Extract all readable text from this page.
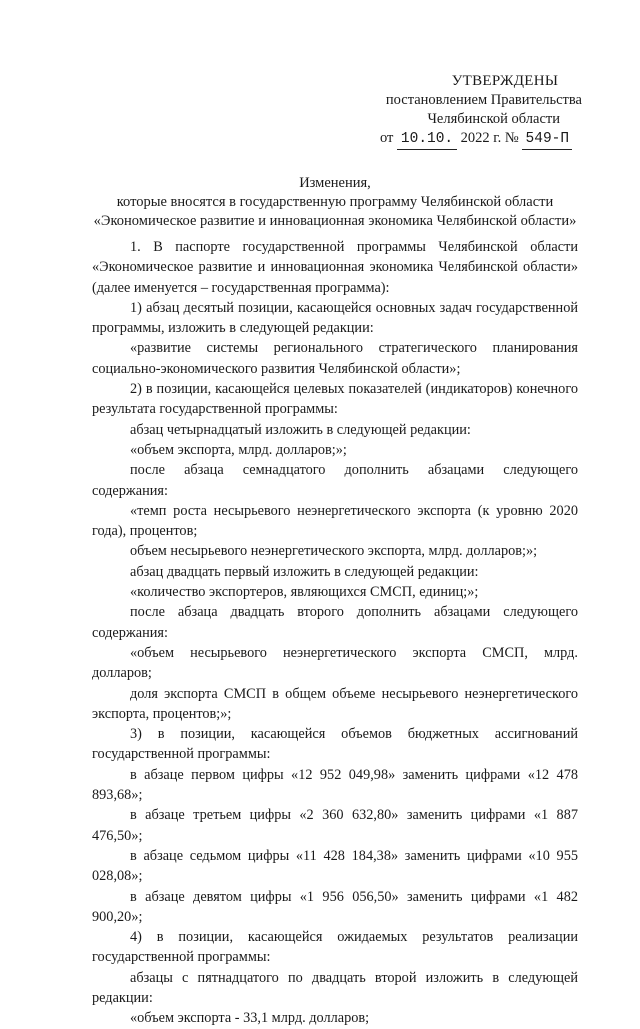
УТВЕРЖДЕНЫ
постановлением Правительства
Челябинской области
от 10.10. 2022 г. № 549-П
Изменения,
которые вносятся в государственную программу Челябинской области
«Экономическое развитие и инновационная экономика Челябинской области»

1. В паспорте государственной программы Челябинской области «Экономическое развитие и инновационная экономика Челябинской области» (далее именуется – государственная программа):

1) абзац десятый позиции, касающейся основных задач государственной программы, изложить в следующей редакции:

«развитие системы регионального стратегического планирования социально-экономического развития Челябинской области»;

2) в позиции, касающейся целевых показателей (индикаторов) конечного результата государственной программы:

абзац четырнадцатый изложить в следующей редакции:

«объем экспорта, млрд. долларов;»;

после абзаца семнадцатого дополнить абзацами следующего содержания:

«темп роста несырьевого неэнергетического экспорта (к уровню 2020 года), процентов;

объем несырьевого неэнергетического экспорта, млрд. долларов;»;

абзац двадцать первый изложить в следующей редакции:

«количество экспортеров, являющихся СМСП, единиц;»;

после абзаца двадцать второго дополнить абзацами следующего содержания:

«объем несырьевого неэнергетического экспорта СМСП, млрд. долларов;

доля экспорта СМСП в общем объеме несырьевого неэнергетического экспорта, процентов;»;

3) в позиции, касающейся объемов бюджетных ассигнований государственной программы:

в абзаце первом цифры «12 952 049,98» заменить цифрами «12 478 893,68»;

в абзаце третьем цифры «2 360 632,80» заменить цифрами «1 887 476,50»;

в абзаце седьмом цифры «11 428 184,38» заменить цифрами «10 955 028,08»;

в абзаце девятом цифры «1 956 056,50» заменить цифрами «1 482 900,20»;

4) в позиции, касающейся ожидаемых результатов реализации государственной программы:

абзацы с пятнадцатого по двадцать второй изложить в следующей редакции:

«объем экспорта - 33,1 млрд. долларов;
